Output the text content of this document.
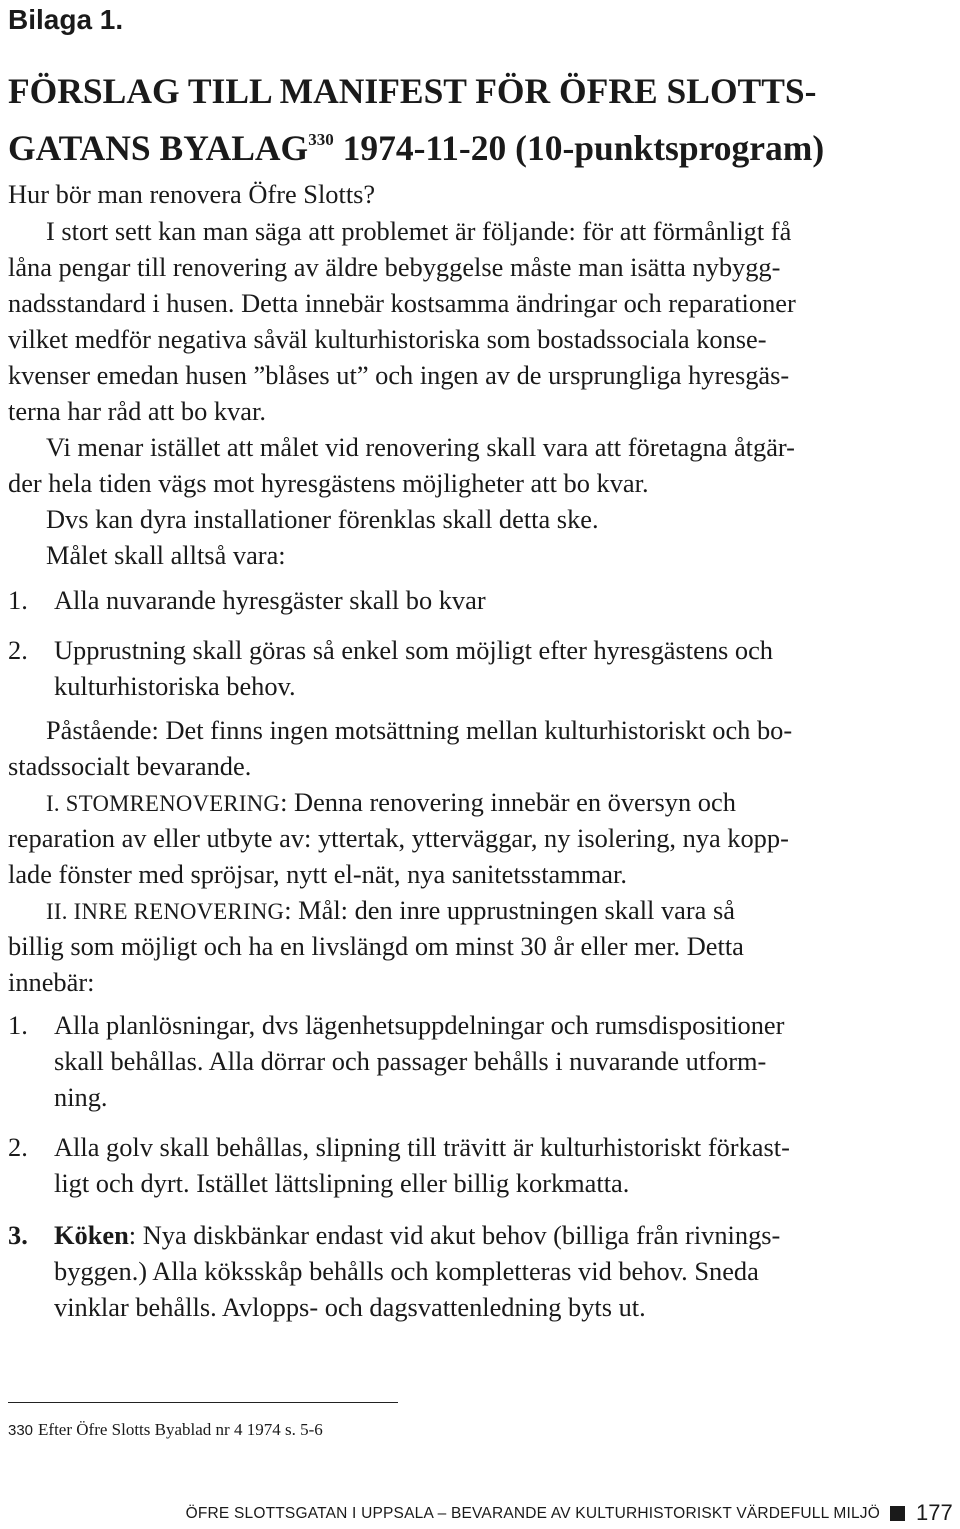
Bilaga 1.
FÖRSLAG TILL MANIFEST FÖR ÖFRE SLOTTS-
GATANS BYALAG$^{330}$ 1974-11-20 (10-punktsprogram)
Hur bör man renovera Öfre Slotts?
I stort sett kan man säga att problemet är följande: för att förmånligt få
låna pengar till renovering av äldre bebyggelse måste man isätta nybygg-
nadsstandard i husen. Detta innebär kostsamma ändringar och reparationer
vilket medför negativa såväl kulturhistoriska som bostadssociala konse-
kvenser emedan husen ”blåses ut” och ingen av de ursprungliga hyresgäs-
terna har råd att bo kvar.
Vi menar istället att målet vid renovering skall vara att företagna åtgär-
der hela tiden vägs mot hyresgästens möjligheter att bo kvar.
Dvs kan dyra installationer förenklas skall detta ske.
Målet skall alltså vara:
1. Alla nuvarande hyresgäster skall bo kvar
2. Upprustning skall göras så enkel som möjligt efter hyresgästens och
kulturhistoriska behov.
Påstående: Det finns ingen motsättning mellan kulturhistoriskt och bo-
stadssocialt bevarande.
I. STOMRENOVERING: Denna renovering innebär en översyn och
reparation av eller utbyte av: yttertak, ytterväggar, ny isolering, nya kopp-
lade fönster med spröjsar, nytt el-nät, nya sanitetsstammar.
II. INRE RENOVERING: Mål: den inre upprustningen skall vara så
billig som möjligt och ha en livslängd om minst 30 år eller mer. Detta
innebär:
1. Alla planlösningar, dvs lägenhetsuppdelningar och rumsdispositioner
skall behållas. Alla dörrar och passager behålls i nuvarande utform-
ning.
2. Alla golv skall behållas, slipning till trävitt är kulturhistoriskt förkast-
ligt och dyrt. Istället lättslipning eller billig korkmatta.
3. Köken: Nya diskbänkar endast vid akut behov (billiga från rivnings-
byggen.) Alla köksskåp behålls och kompletteras vid behov. Sneda
vinklar behålls. Avlopps- och dagsvattenledning byts ut.
330 Efter Öfre Slotts Byablad nr 4 1974 s. 5-6
ÖFRE SLOTTSGATAN I UPPSALA – BEVARANDE AV KULTURHISTORISKT VÄRDEFULL MILJÖ 177
